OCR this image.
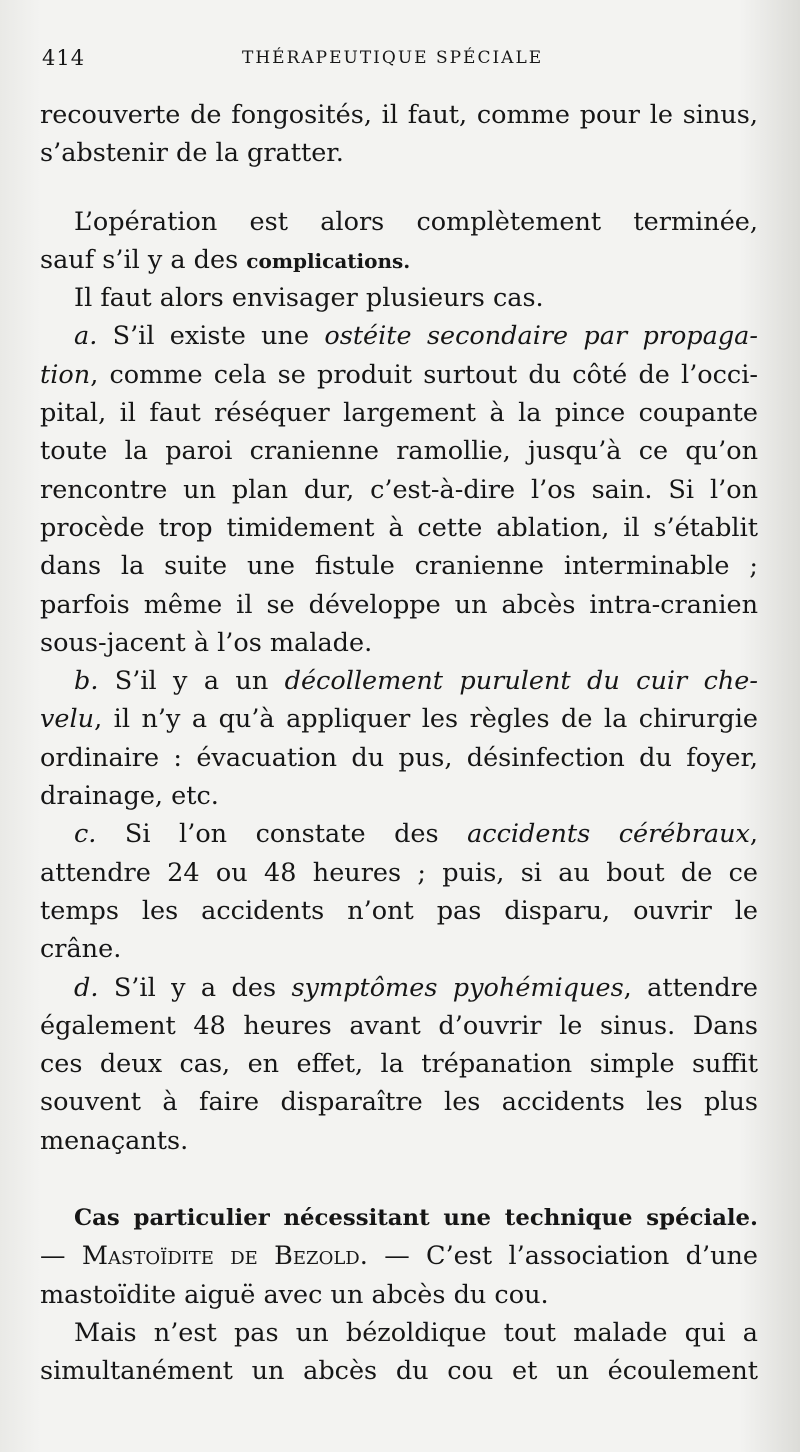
414	THÉRAPEUTIQUE SPÉCIALE
recouverte de fongosités, il faut, comme pour le sinus,
s’abstenir de la gratter.
L’opération est alors complètement terminée,
sauf s’il y a des complications.
Il faut alors envisager plusieurs cas.
a. S’il existe une ostéite secondaire par propaga-
tion, comme cela se produit surtout du côté de l’occi-
pital, il faut réséquer largement à la pince coupante
toute la paroi cranienne ramollie, jusqu’à ce qu’on
rencontre un plan dur, c’est-à-dire l’os sain. Si l’on
procède trop timidement à cette ablation, il s’établit
dans la suite une fistule cranienne interminable ;
parfois même il se développe un abcès intra-cranien
sous-jacent à l’os malade.
b. S’il y a un décollement purulent du cuir che-
velu, il n’y a qu’à appliquer les règles de la chirurgie
ordinaire : évacuation du pus, désinfection du foyer,
drainage, etc.
c. Si l’on constate des accidents cérébraux,
attendre 24 ou 48 heures ; puis, si au bout de ce
temps les accidents n’ont pas disparu, ouvrir le
crâne.
d. S’il y a des symptômes pyohémiques, attendre
également 48 heures avant d’ouvrir le sinus. Dans
ces deux cas, en effet, la trépanation simple suffit
souvent à faire disparaître les accidents les plus
menaçants.
Cas particulier nécessitant une technique spéciale.
— Mastoïdite de Bezold. — C’est l’association d’une
mastoïdite aiguë avec un abcès du cou.
Mais n’est pas un bézoldique tout malade qui a
simultanément un abcès du cou et un écoulement
